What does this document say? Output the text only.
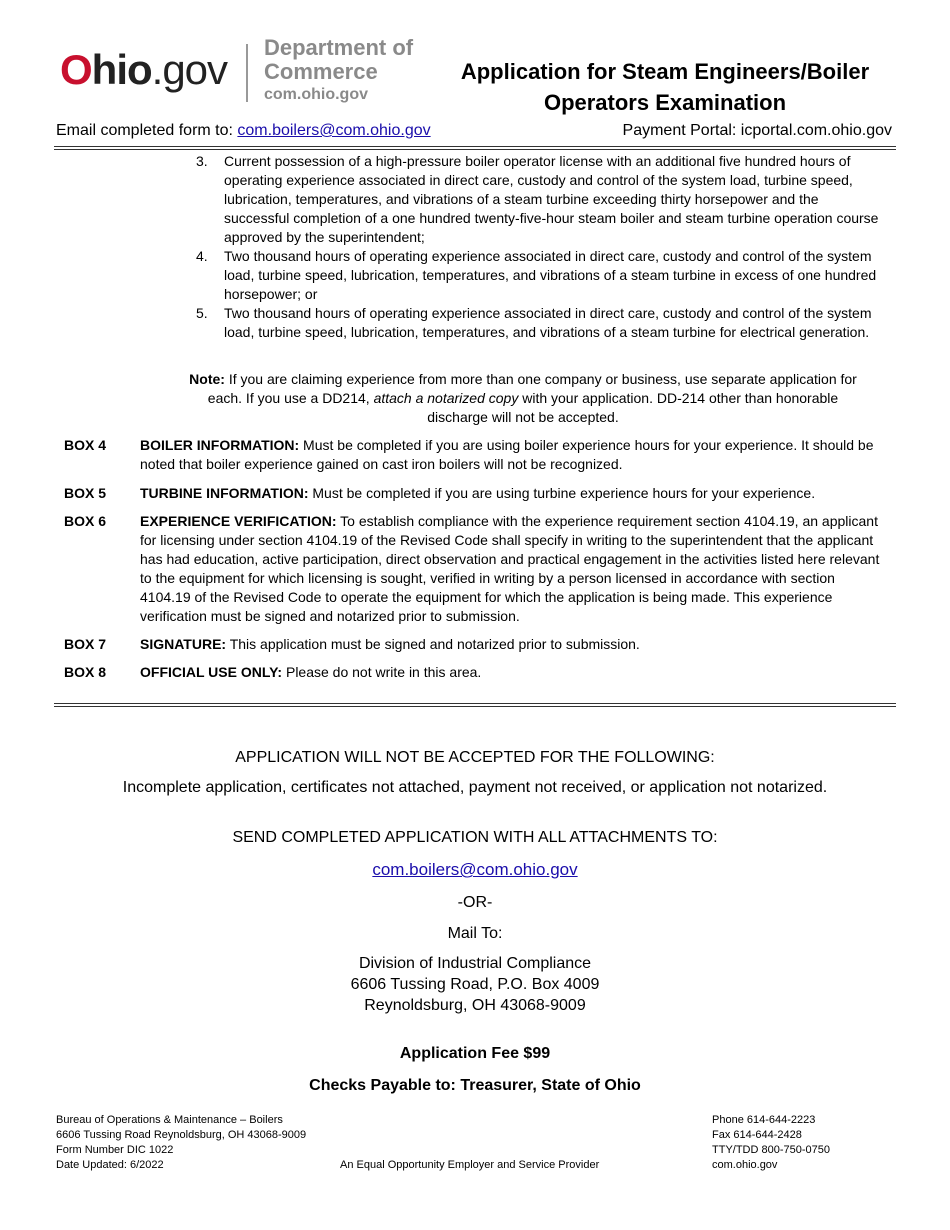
Ohio.gov Department of
Commerce
com.ohio.gov
Application for Steam Engineers/Boiler Operators Examination
Email completed form to: com.boilers@com.ohio.gov	Payment Portal: icportal.com.ohio.gov
3. Current possession of a high-pressure boiler operator license with an additional five hundred hours of operating experience associated in direct care, custody and control of the system load, turbine speed, lubrication, temperatures, and vibrations of a steam turbine exceeding thirty horsepower and the successful completion of a one hundred twenty-five-hour steam boiler and steam turbine operation course approved by the superintendent;
4. Two thousand hours of operating experience associated in direct care, custody and control of the system load, turbine speed, lubrication, temperatures, and vibrations of a steam turbine in excess of one hundred horsepower; or
5. Two thousand hours of operating experience associated in direct care, custody and control of the system load, turbine speed, lubrication, temperatures, and vibrations of a steam turbine for electrical generation.
Note: If you are claiming experience from more than one company or business, use separate application for each. If you use a DD214, attach a notarized copy with your application. DD-214 other than honorable discharge will not be accepted.
BOX 4 BOILER INFORMATION: Must be completed if you are using boiler experience hours for your experience. It should be noted that boiler experience gained on cast iron boilers will not be recognized.
BOX 5 TURBINE INFORMATION: Must be completed if you are using turbine experience hours for your experience.
BOX 6 EXPERIENCE VERIFICATION: To establish compliance with the experience requirement section 4104.19, an applicant for licensing under section 4104.19 of the Revised Code shall specify in writing to the superintendent that the applicant has had education, active participation, direct observation and practical engagement in the activities listed here relevant to the equipment for which licensing is sought, verified in writing by a person licensed in accordance with section 4104.19 of the Revised Code to operate the equipment for which the application is being made. This experience verification must be signed and notarized prior to submission.
BOX 7 SIGNATURE: This application must be signed and notarized prior to submission.
BOX 8 OFFICIAL USE ONLY: Please do not write in this area.
APPLICATION WILL NOT BE ACCEPTED FOR THE FOLLOWING:
Incomplete application, certificates not attached, payment not received, or application not notarized.
SEND COMPLETED APPLICATION WITH ALL ATTACHMENTS TO:
com.boilers@com.ohio.gov
-OR-
Mail To:
Division of Industrial Compliance
6606 Tussing Road, P.O. Box 4009
Reynoldsburg, OH 43068-9009
Application Fee $99
Checks Payable to: Treasurer, State of Ohio
Bureau of Operations & Maintenance – Boilers
6606 Tussing Road Reynoldsburg, OH 43068-9009
Form Number DIC 1022
Date Updated: 6/2022	An Equal Opportunity Employer and Service Provider
Phone 614-644-2223
Fax 614-644-2428
TTY/TDD 800-750-0750
com.ohio.gov
